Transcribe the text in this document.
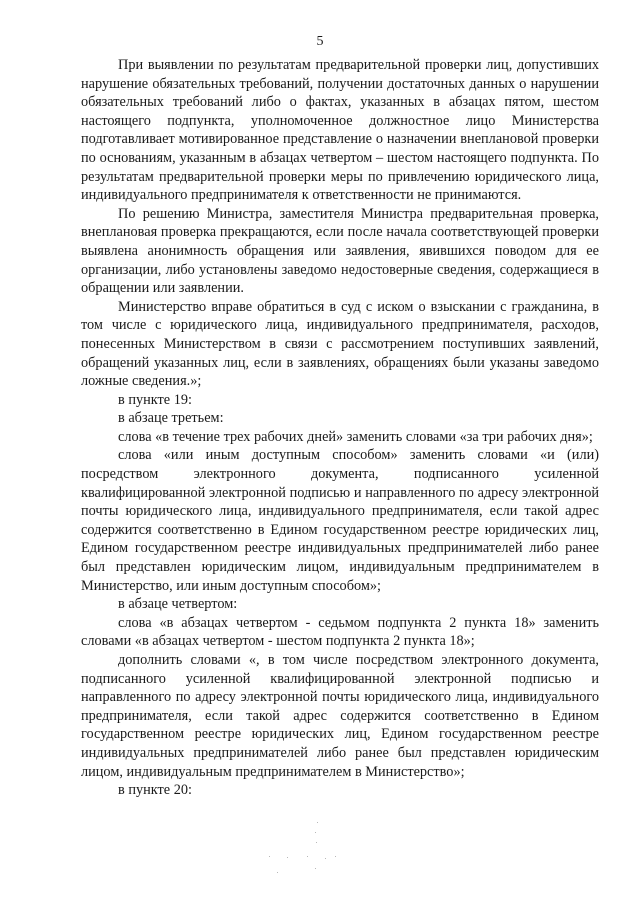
5

При выявлении по результатам предварительной проверки лиц, допустивших нарушение обязательных требований, получении достаточных данных о нарушении обязательных требований либо о фактах, указанных в абзацах пятом, шестом настоящего подпункта, уполномоченное должностное лицо Министерства подготавливает мотивированное представление о назначении внеплановой проверки по основаниям, указанным в абзацах четвертом – шестом настоящего подпункта. По результатам предварительной проверки меры по привлечению юридического лица, индивидуального предпринимателя к ответственности не принимаются.

По решению Министра, заместителя Министра предварительная проверка, внеплановая проверка прекращаются, если после начала соответствующей проверки выявлена анонимность обращения или заявления, явившихся поводом для ее организации, либо установлены заведомо недостоверные сведения, содержащиеся в обращении или заявлении.

Министерство вправе обратиться в суд с иском о взыскании с гражданина, в том числе с юридического лица, индивидуального предпринимателя, расходов, понесенных Министерством в связи с рассмотрением поступивших заявлений, обращений указанных лиц, если в заявлениях, обращениях были указаны заведомо ложные сведения.»;

в пункте 19:

в абзаце третьем:

слова «в течение трех рабочих дней» заменить словами «за три рабочих дня»;

слова «или иным доступным способом» заменить словами «и (или) посредством электронного документа, подписанного усиленной квалифицированной электронной подписью и направленного по адресу электронной почты юридического лица, индивидуального предпринимателя, если такой адрес содержится соответственно в Едином государственном реестре юридических лиц, Едином государственном реестре индивидуальных предпринимателей либо ранее был представлен юридическим лицом, индивидуальным предпринимателем в Министерство, или иным доступным способом»;

в абзаце четвертом:

слова «в абзацах четвертом - седьмом подпункта 2 пункта 18» заменить словами «в абзацах четвертом - шестом подпункта 2 пункта 18»;

дополнить словами «, в том числе посредством электронного документа, подписанного усиленной квалифицированной электронной подписью и направленного по адресу электронной почты юридического лица, индивидуального предпринимателя, если такой адрес содержится соответственно в Едином государственном реестре юридических лиц, Едином государственном реестре индивидуальных предпринимателей либо ранее был представлен юридическим лицом, индивидуальным предпринимателем в Министерство»;

в пункте 20:
